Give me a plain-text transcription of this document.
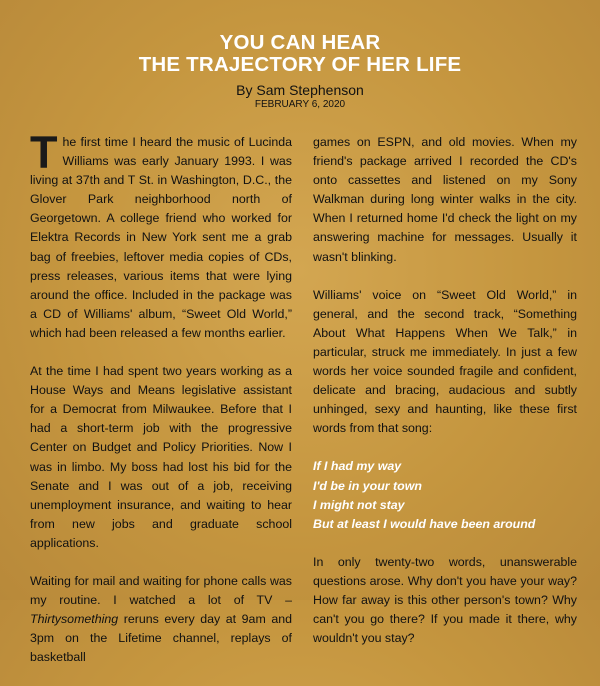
YOU CAN HEAR
THE TRAJECTORY OF HER LIFE
By Sam Stephenson
FEBRUARY 6, 2020

The first time I heard the music of Lucinda Williams was early January 1993. I was living at 37th and T St. in Washington, D.C., the Glover Park neighborhood north of Georgetown. A college friend who worked for Elektra Records in New York sent me a grab bag of freebies, leftover media copies of CDs, press releases, various items that were lying around the office. Included in the package was a CD of Williams' album, “Sweet Old World,” which had been released a few months earlier.

At the time I had spent two years working as a House Ways and Means legislative assistant for a Democrat from Milwaukee. Before that I had a short-term job with the progressive Center on Budget and Policy Priorities. Now I was in limbo. My boss had lost his bid for the Senate and I was out of a job, receiving unemployment insurance, and waiting to hear from new jobs and graduate school applications.

Waiting for mail and waiting for phone calls was my routine. I watched a lot of TV – Thirtysomething reruns every day at 9am and 3pm on the Lifetime channel, replays of basketball

games on ESPN, and old movies. When my friend's package arrived I recorded the CD's onto cassettes and listened on my Sony Walkman during long winter walks in the city. When I returned home I'd check the light on my answering machine for messages. Usually it wasn't blinking.

Williams' voice on “Sweet Old World,” in general, and the second track, “Something About What Happens When We Talk,” in particular, struck me immediately. In just a few words her voice sounded fragile and confident, delicate and bracing, audacious and subtly unhinged, sexy and haunting, like these first words from that song:

If I had my way
I'd be in your town
I might not stay
But at least I would have been around

In only twenty-two words, unanswerable questions arose. Why don't you have your way? How far away is this other person's town? Why can't you go there? If you made it there, why wouldn't you stay?
